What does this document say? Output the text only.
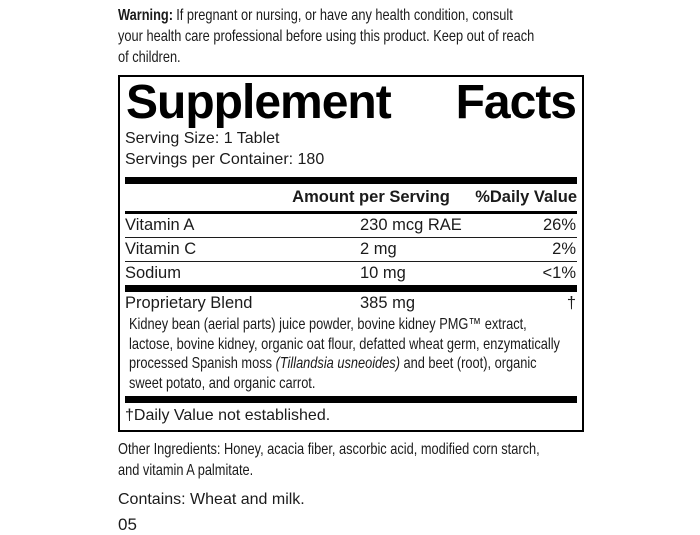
Warning: If pregnant or nursing, or have any health condition, consult
your health care professional before using this product. Keep out of reach
of children.
Supplement Facts
Serving Size: 1 Tablet
Servings per Container: 180
Amount per Serving %Daily Value
Vitamin A	230 mcg RAE	26%
Vitamin C	2 mg	2%
Sodium	10 mg	<1%
Proprietary Blend	385 mg	†
Kidney bean (aerial parts) juice powder, bovine kidney PMG™ extract,
lactose, bovine kidney, organic oat flour, defatted wheat germ, enzymatically
processed Spanish moss (Tillandsia usneoides) and beet (root), organic
sweet potato, and organic carrot.
†Daily Value not established.
Other Ingredients: Honey, acacia fiber, ascorbic acid, modified corn starch,
and vitamin A palmitate.
Contains: Wheat and milk.
05
